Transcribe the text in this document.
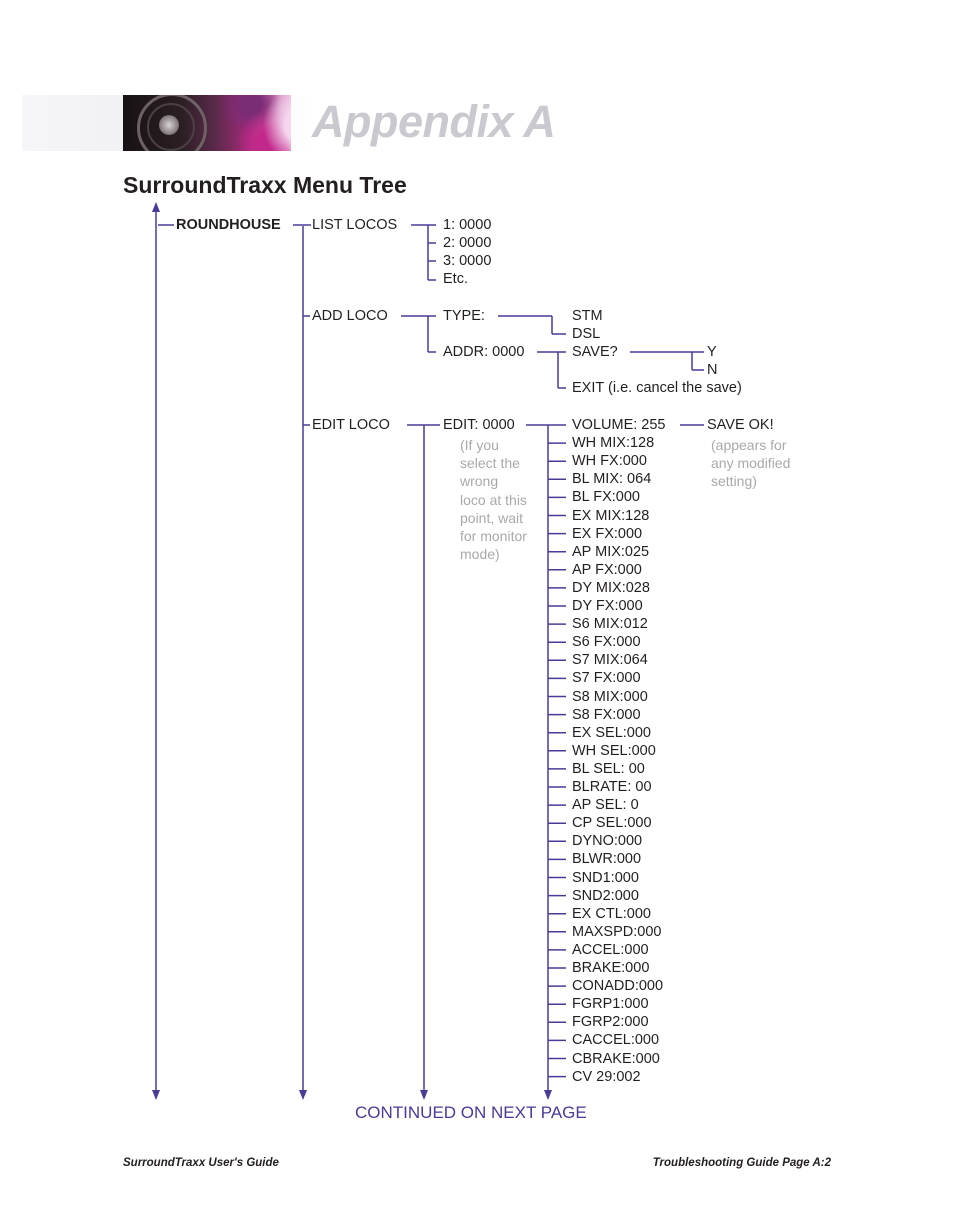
Appendix A
SurroundTraxx Menu Tree
ROUNDHOUSE LIST LOCOS	1: 0000
2: 0000
3: 0000
Etc.
ADD LOCO	TYPE:	STM
DSL
ADDR: 0000	SAVE?	Y
N
EXIT (i.e. cancel the save)
EDIT LOCO	EDIT: 0000
(If you
select the
wrong
loco at this
point, wait
for monitor
mode)
SAVE OK!
(appears for
any modified
setting)
VOLUME: 255
WH MIX:128
WH FX:000
BL MIX: 064
BL FX:000
EX MIX:128
EX FX:000
AP MIX:025
AP FX:000
DY MIX:028
DY FX:000
S6 MIX:012
S6 FX:000
S7 MIX:064
S7 FX:000
S8 MIX:000
S8 FX:000
EX SEL:000
WH SEL:000
BL SEL: 00
BLRATE: 00
AP SEL: 0
CP SEL:000
DYNO:000
BLWR:000
SND1:000
SND2:000
EX CTL:000
MAXSPD:000
ACCEL:000
BRAKE:000
CONADD:000
FGRP1:000
FGRP2:000
CACCEL:000
CBRAKE:000
CV 29:002
CONTINUED ON NEXT PAGE
SurroundTraxx User's Guide	Troubleshooting Guide Page A:2
